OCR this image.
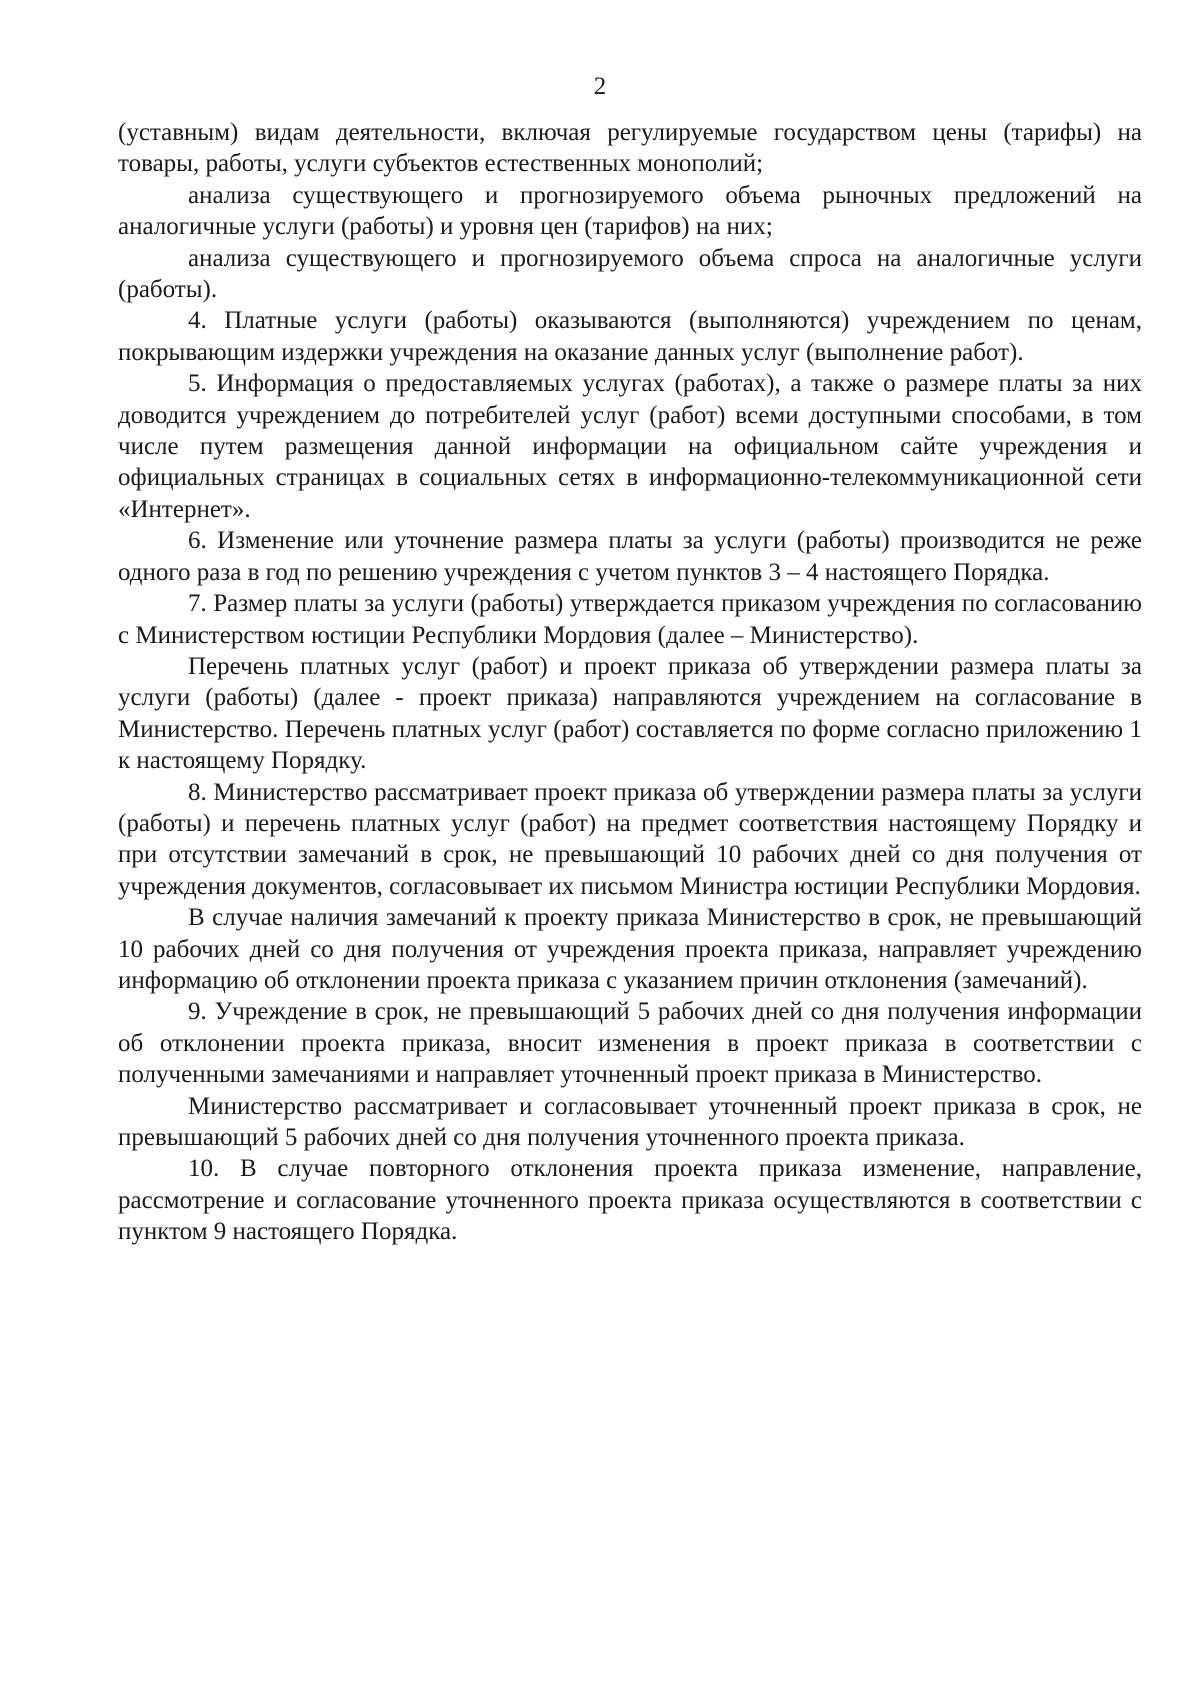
2

(уставным) видам деятельности, включая регулируемые государством цены (тарифы) на товары, работы, услуги субъектов естественных монополий;

анализа существующего и прогнозируемого объема рыночных предложений на аналогичные услуги (работы) и уровня цен (тарифов) на них;

анализа существующего и прогнозируемого объема спроса на аналогичные услуги (работы).

4. Платные услуги (работы) оказываются (выполняются) учреждением по ценам, покрывающим издержки учреждения на оказание данных услуг (выполнение работ).

5. Информация о предоставляемых услугах (работах), а также о размере платы за них доводится учреждением до потребителей услуг (работ) всеми доступными способами, в том числе путем размещения данной информации на официальном сайте учреждения и официальных страницах в социальных сетях в информационно-телекоммуникационной сети «Интернет».

6. Изменение или уточнение размера платы за услуги (работы) производится не реже одного раза в год по решению учреждения с учетом пунктов 3 – 4 настоящего Порядка.

7. Размер платы за услуги (работы) утверждается приказом учреждения по согласованию с Министерством юстиции Республики Мордовия (далее – Министерство).

Перечень платных услуг (работ) и проект приказа об утверждении размера платы за услуги (работы) (далее - проект приказа) направляются учреждением на согласование в Министерство. Перечень платных услуг (работ) составляется по форме согласно приложению 1 к настоящему Порядку.

8. Министерство рассматривает проект приказа об утверждении размера платы за услуги (работы) и перечень платных услуг (работ) на предмет соответствия настоящему Порядку и при отсутствии замечаний в срок, не превышающий 10 рабочих дней со дня получения от учреждения документов, согласовывает их письмом Министра юстиции Республики Мордовия.

В случае наличия замечаний к проекту приказа Министерство в срок, не превышающий 10 рабочих дней со дня получения от учреждения проекта приказа, направляет учреждению информацию об отклонении проекта приказа с указанием причин отклонения (замечаний).

9. Учреждение в срок, не превышающий 5 рабочих дней со дня получения информации об отклонении проекта приказа, вносит изменения в проект приказа в соответствии с полученными замечаниями и направляет уточненный проект приказа в Министерство.

Министерство рассматривает и согласовывает уточненный проект приказа в срок, не превышающий 5 рабочих дней со дня получения уточненного проекта приказа.

10. В случае повторного отклонения проекта приказа изменение, направление, рассмотрение и согласование уточненного проекта приказа осуществляются в соответствии с пунктом 9 настоящего Порядка.
